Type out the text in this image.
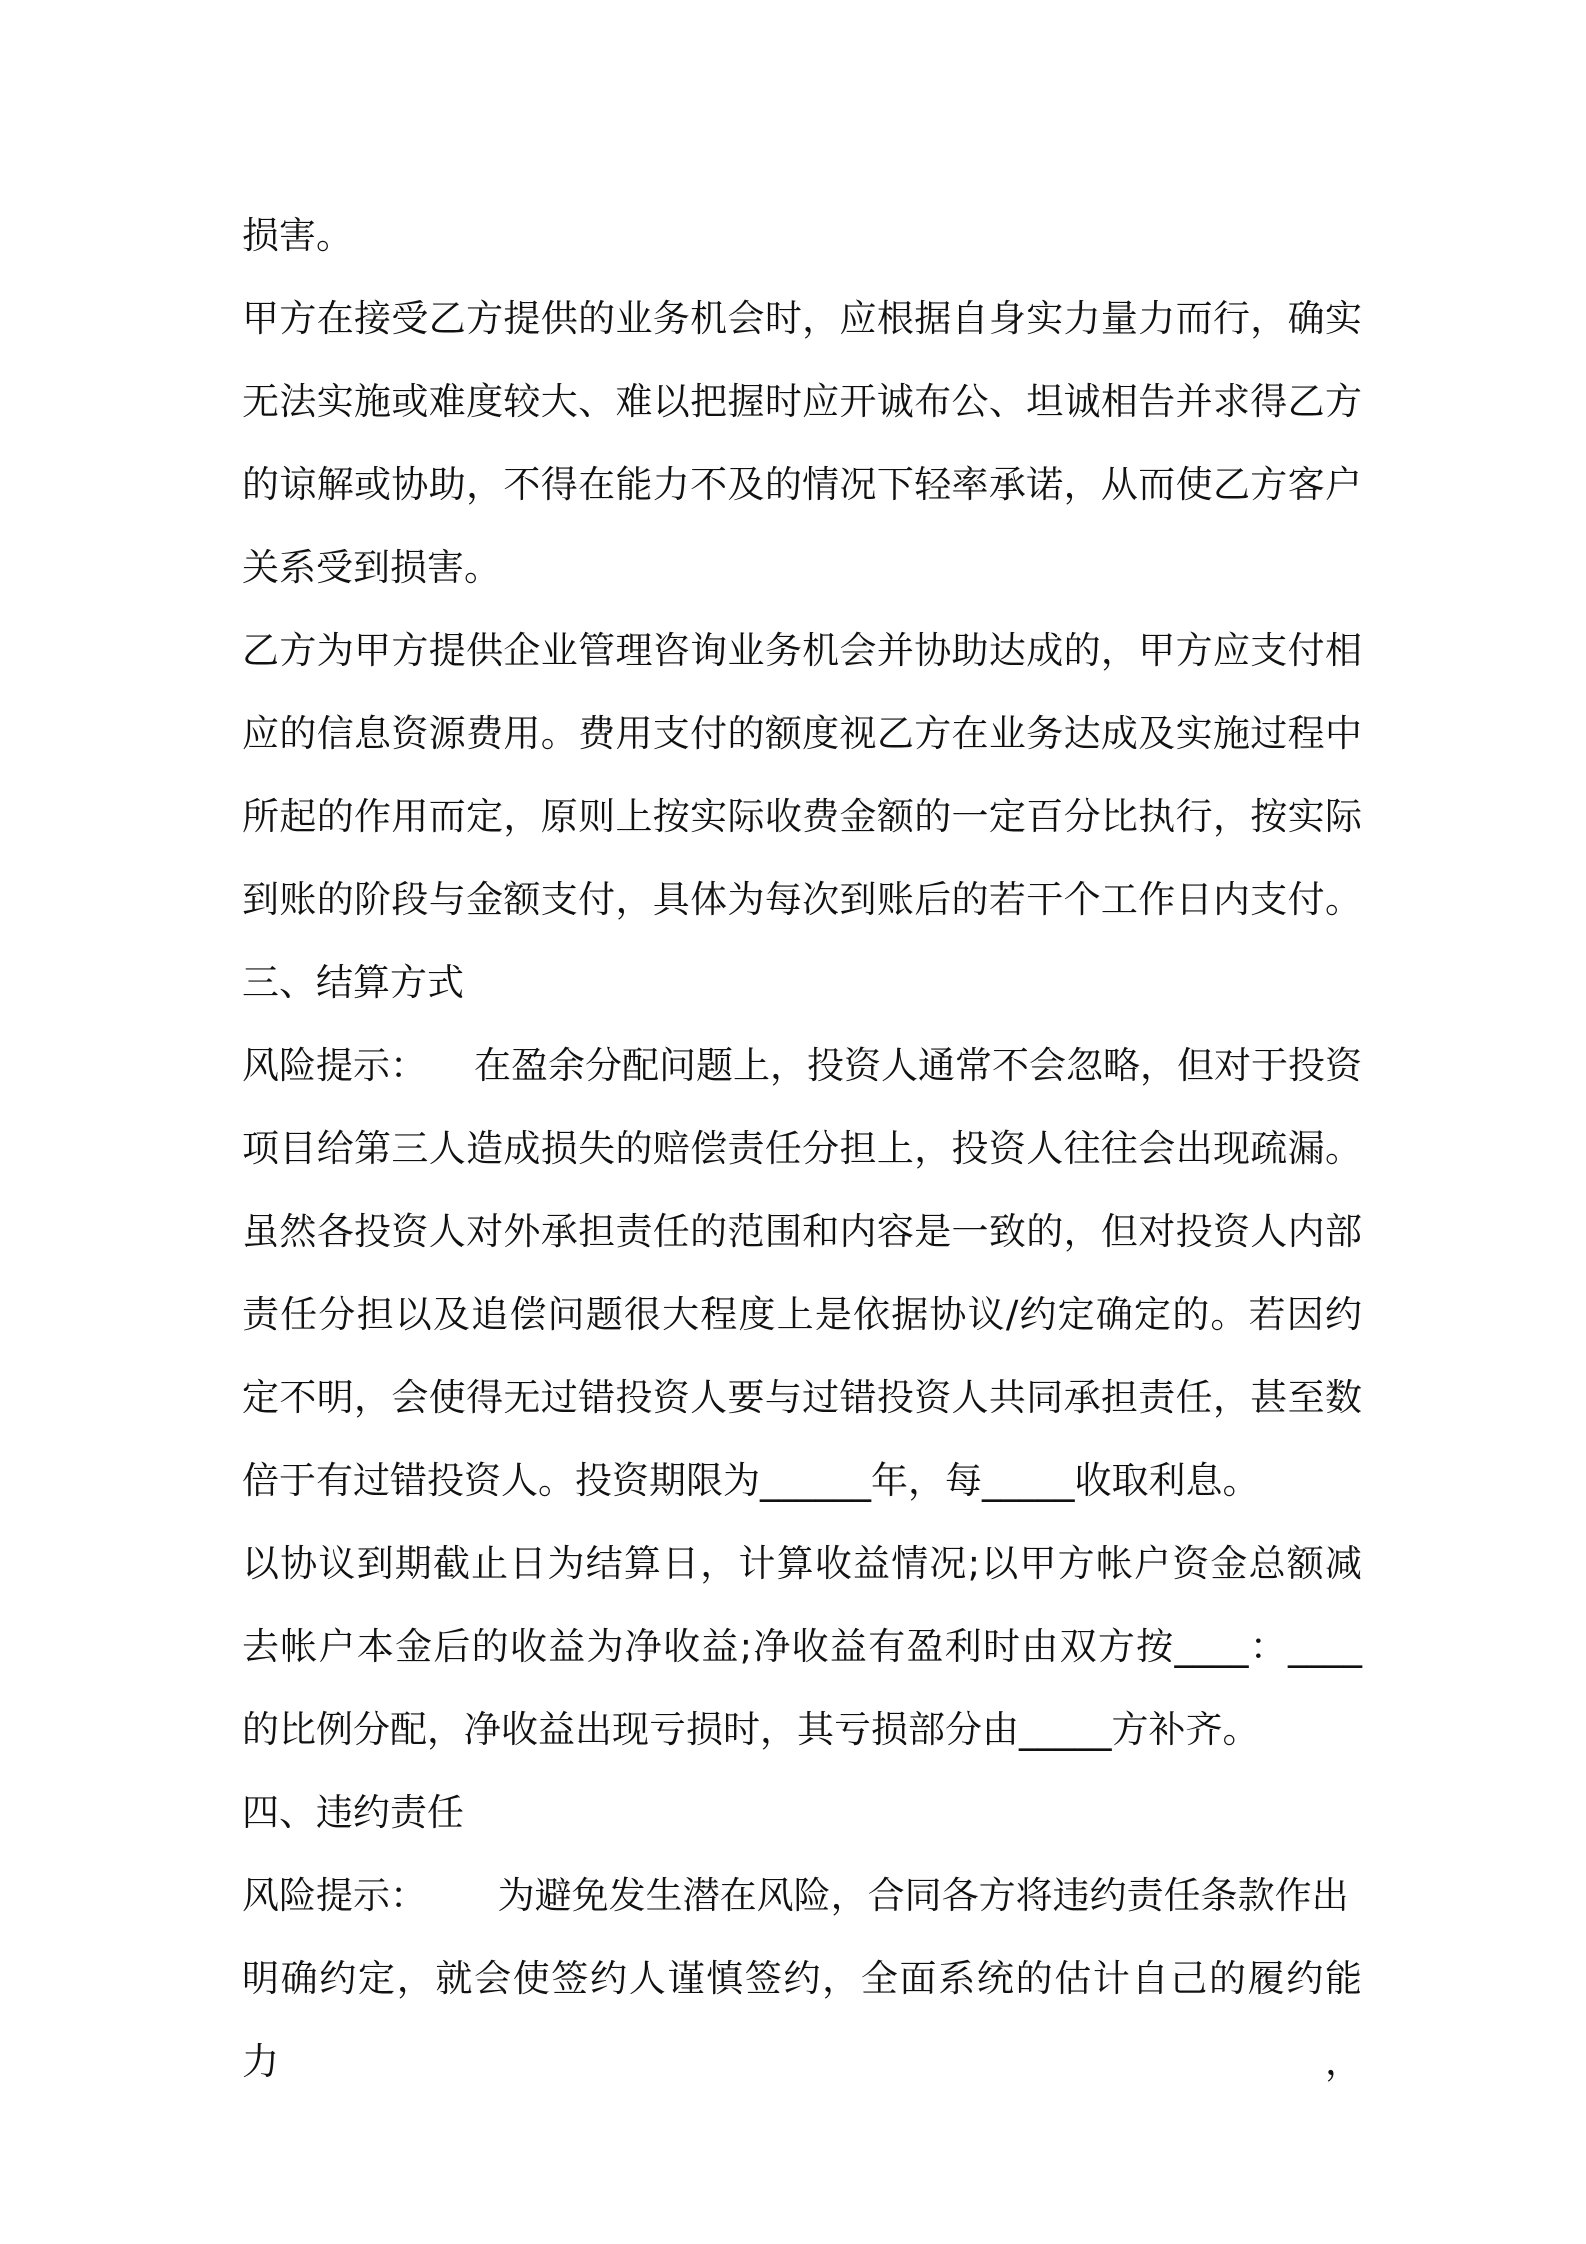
损害。
甲方在接受乙方提供的业务机会时，应根据自身实力量力而行，确实
无法实施或难度较大、难以把握时应开诚布公、坦诚相告并求得乙方
的谅解或协助，不得在能力不及的情况下轻率承诺，从而使乙方客户
关系受到损害。
乙方为甲方提供企业管理咨询业务机会并协助达成的，甲方应支付相
应的信息资源费用。费用支付的额度视乙方在业务达成及实施过程中
所起的作用而定，原则上按实际收费金额的一定百分比执行，按实际
到账的阶段与金额支付，具体为每次到账后的若干个工作日内支付。
三、结算方式
风险提示：    在盈余分配问题上，投资人通常不会忽略，但对于投资
项目给第三人造成损失的赔偿责任分担上，投资人往往会出现疏漏。
虽然各投资人对外承担责任的范围和内容是一致的，但对投资人内部
责任分担以及追偿问题很大程度上是依据协议/约定确定的。若因约
定不明，会使得无过错投资人要与过错投资人共同承担责任，甚至数
倍于有过错投资人。投资期限为______年，每_____收取利息。
以协议到期截止日为结算日，计算收益情况;以甲方帐户资金总额减
去帐户本金后的收益为净收益;净收益有盈利时由双方按____：____
的比例分配，净收益出现亏损时，其亏损部分由_____方补齐。
四、违约责任
风险提示：      为避免发生潜在风险，合同各方将违约责任条款作出
明确约定，就会使签约人谨慎签约，全面系统的估计自己的履约能力，
